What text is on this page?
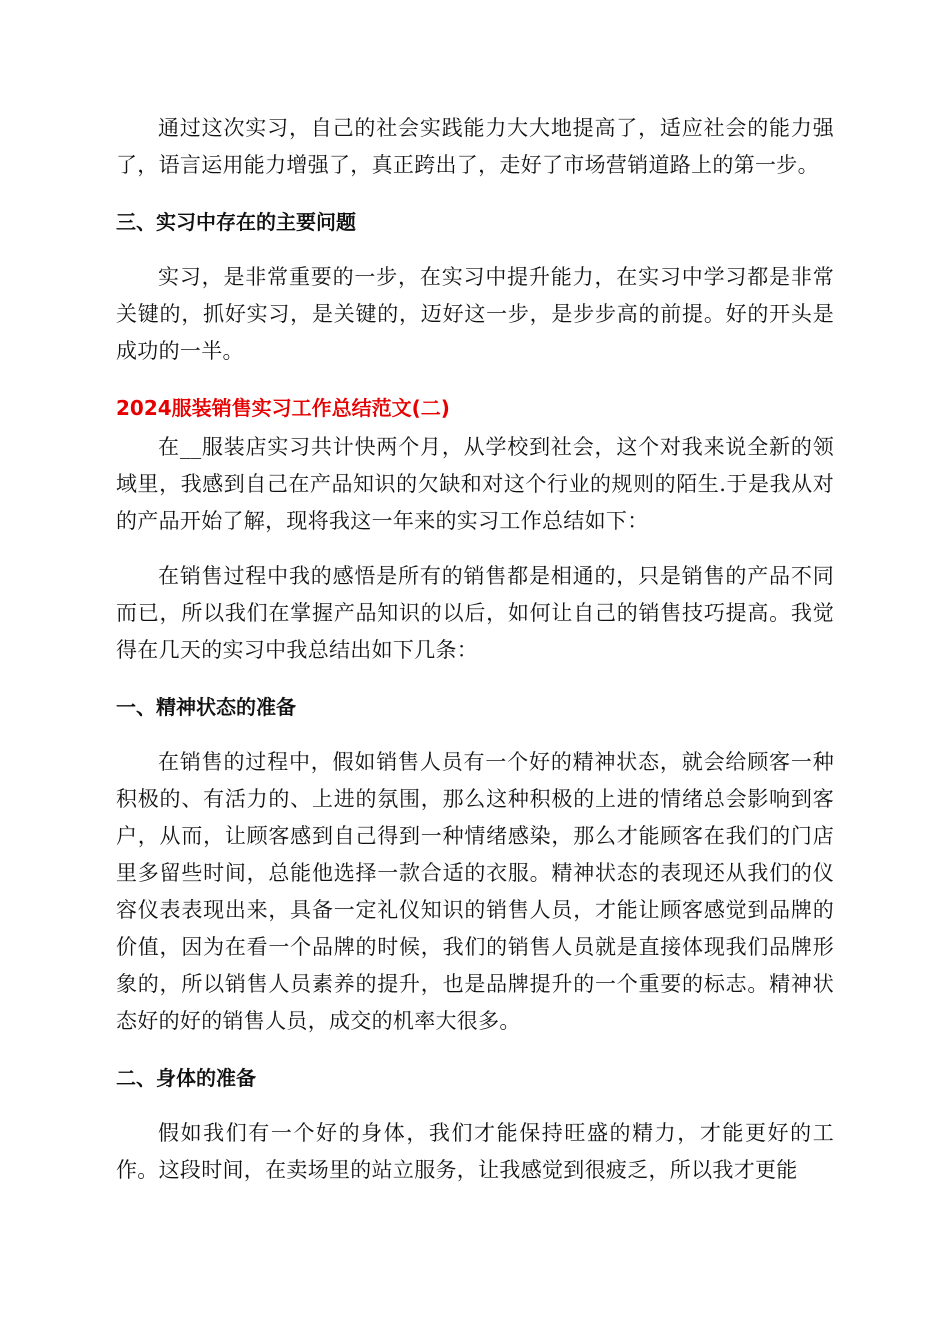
通过这次实习，自己的社会实践能力大大地提高了，适应社会的能力强了，语言运用能力增强了，真正跨出了，走好了市场营销道路上的第一步。

三、实习中存在的主要问题

实习，是非常重要的一步，在实习中提升能力，在实习中学习都是非常关键的，抓好实习，是关键的，迈好这一步，是步步高的前提。好的开头是成功的一半。

2024服装销售实习工作总结范文(二)

在__服装店实习共计快两个月，从学校到社会，这个对我来说全新的领域里，我感到自己在产品知识的欠缺和对这个行业的规则的陌生.于是我从对的产品开始了解，现将我这一年来的实习工作总结如下：

在销售过程中我的感悟是所有的销售都是相通的，只是销售的产品不同而已，所以我们在掌握产品知识的以后，如何让自己的销售技巧提高。我觉得在几天的实习中我总结出如下几条：

一、精神状态的准备

在销售的过程中，假如销售人员有一个好的精神状态，就会给顾客一种积极的、有活力的、上进的氛围，那么这种积极的上进的情绪总会影响到客户，从而，让顾客感到自己得到一种情绪感染，那么才能顾客在我们的门店里多留些时间，总能他选择一款合适的衣服。精神状态的表现还从我们的仪容仪表表现出来，具备一定礼仪知识的销售人员，才能让顾客感觉到品牌的价值，因为在看一个品牌的时候，我们的销售人员就是直接体现我们品牌形象的，所以销售人员素养的提升，也是品牌提升的一个重要的标志。精神状态好的好的销售人员，成交的机率大很多。

二、身体的准备

假如我们有一个好的身体，我们才能保持旺盛的精力，才能更好的工作。这段时间，在卖场里的站立服务，让我感觉到很疲乏，所以我才更能
